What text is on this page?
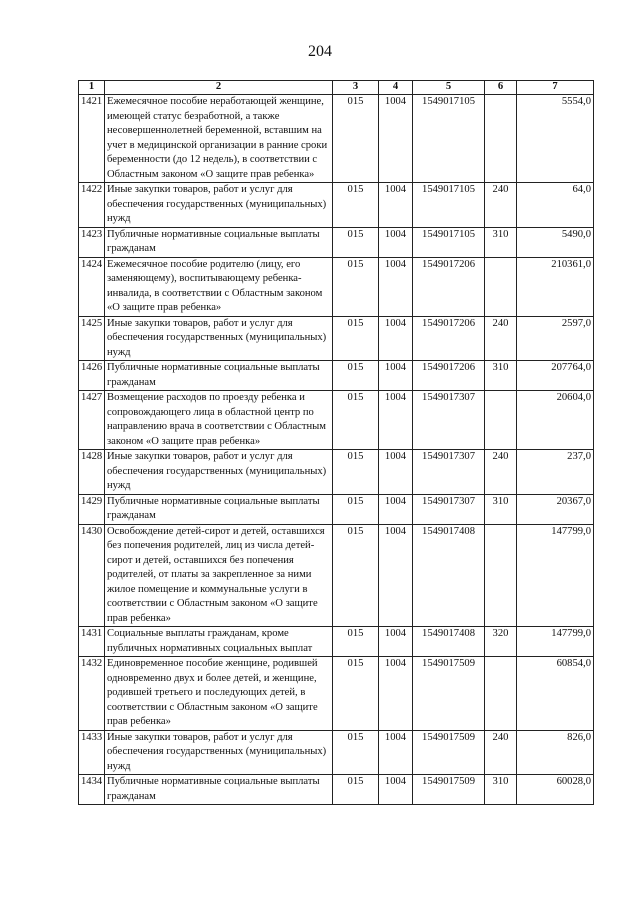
204
1	2	3	4	5	6	7
1421	Ежемесячное пособие неработающей женщине, имеющей статус безработной, а также несовершеннолетней беременной, вставшим на учет в медицинской организации в ранние сроки беременности (до 12 недель), в соответствии с Областным законом «О защите прав ребенка»	015	1004	1549017105		5554,0
1422	Иные закупки товаров, работ и услуг для обеспечения государственных (муниципальных) нужд	015	1004	1549017105	240	64,0
1423	Публичные нормативные социальные выплаты гражданам	015	1004	1549017105	310	5490,0
1424	Ежемесячное пособие родителю (лицу, его заменяющему), воспитывающему ребенка-инвалида, в соответствии с Областным законом «О защите прав ребенка»	015	1004	1549017206		210361,0
1425	Иные закупки товаров, работ и услуг для обеспечения государственных (муниципальных) нужд	015	1004	1549017206	240	2597,0
1426	Публичные нормативные социальные выплаты гражданам	015	1004	1549017206	310	207764,0
1427	Возмещение расходов по проезду ребенка и сопровождающего лица в областной центр по направлению врача в соответствии с Областным законом «О защите прав ребенка»	015	1004	1549017307		20604,0
1428	Иные закупки товаров, работ и услуг для обеспечения государственных (муниципальных) нужд	015	1004	1549017307	240	237,0
1429	Публичные нормативные социальные выплаты гражданам	015	1004	1549017307	310	20367,0
1430	Освобождение детей-сирот и детей, оставшихся без попечения родителей, лиц из числа детей-сирот и детей, оставшихся без попечения родителей, от платы за закрепленное за ними жилое помещение и коммунальные услуги в соответствии с Областным законом «О защите прав ребенка»	015	1004	1549017408		147799,0
1431	Социальные выплаты гражданам, кроме публичных нормативных социальных выплат	015	1004	1549017408	320	147799,0
1432	Единовременное пособие женщине, родившей одновременно двух и более детей, и женщине, родившей третьего и последующих детей, в соответствии с Областным законом «О защите прав ребенка»	015	1004	1549017509		60854,0
1433	Иные закупки товаров, работ и услуг для обеспечения государственных (муниципальных) нужд	015	1004	1549017509	240	826,0
1434	Публичные нормативные социальные выплаты гражданам	015	1004	1549017509	310	60028,0
